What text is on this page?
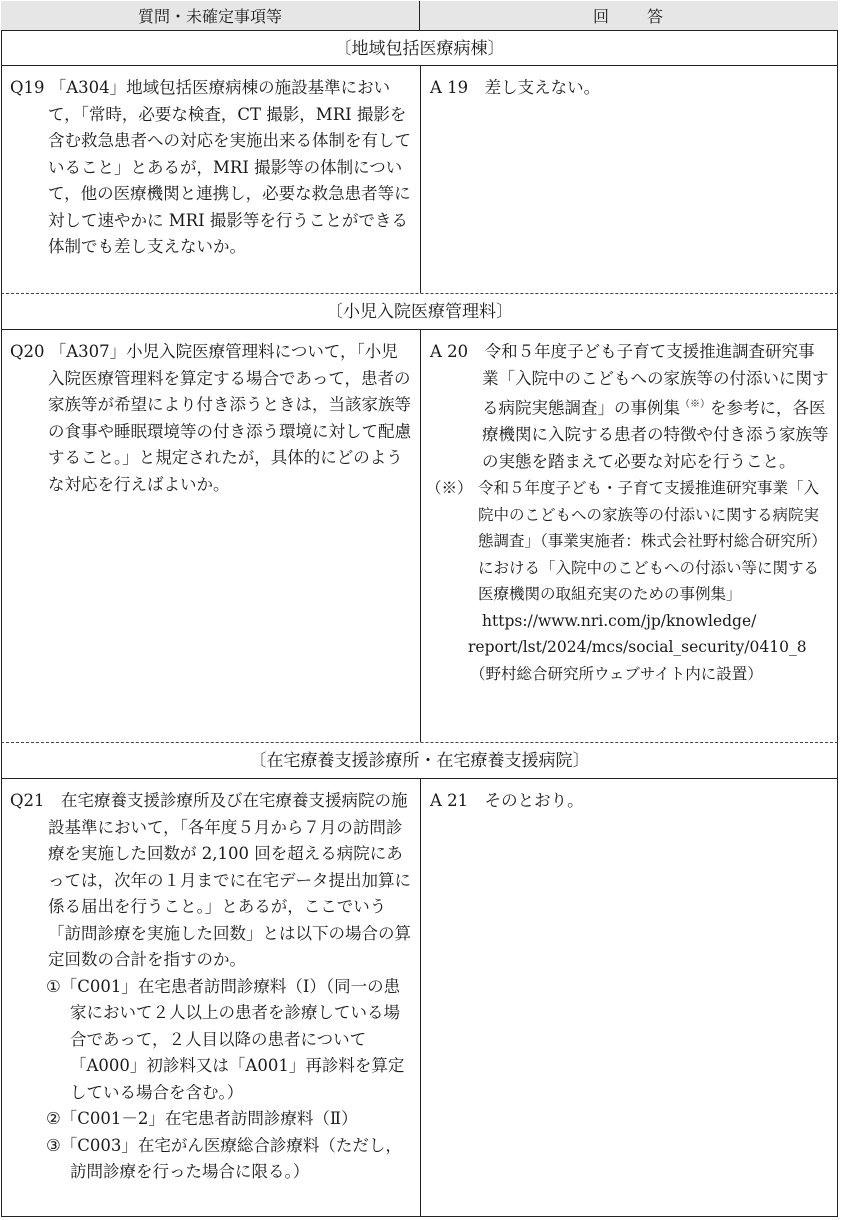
質問・未確定事項等	回　　答
〔地域包括医療病棟〕
Q19 「A304」地域包括医療病棟の施設基準において，「常時，必要な検査，CT 撮影，MRI 撮影を含む救急患者への対応を実施出来る体制を有していること」とあるが，MRI 撮影等の体制について，他の医療機関と連携し，必要な救急患者等に対して速やかに MRI 撮影等を行うことができる体制でも差し支えないか。
A 19　差し支えない。
〔小児入院医療管理料〕
Q20 「A307」小児入院医療管理料について，「小児入院医療管理料を算定する場合であって，患者の家族等が希望により付き添うときは，当該家族等の食事や睡眠環境等の付き添う環境に対して配慮すること。」と規定されたが，具体的にどのような対応を行えばよいか。
A 20　令和５年度子ども子育て支援推進調査研究事業「入院中のこどもへの家族等の付添いに関する病院実態調査」の事例集（※）を参考に，各医療機関に入院する患者の特徴や付き添う家族等の実態を踏まえて必要な対応を行うこと。
（※） 令和５年度子ども・子育て支援推進研究事業「入院中のこどもへの家族等の付添いに関する病院実態調査」（事業実施者：株式会社野村総合研究所）における「入院中のこどもへの付添い等に関する医療機関の取組充実のための事例集」
https://www.nri.com/jp/knowledge/
report/lst/2024/mcs/social_security/0410_8
（野村総合研究所ウェブサイト内に設置）
〔在宅療養支援診療所・在宅療養支援病院〕
Q21　在宅療養支援診療所及び在宅療養支援病院の施設基準において，「各年度５月から７月の訪問診療を実施した回数が 2,100 回を超える病院にあっては，次年の１月までに在宅データ提出加算に係る届出を行うこと。」とあるが，ここでいう「訪問診療を実施した回数」とは以下の場合の算定回数の合計を指すのか。
①「C001」在宅患者訪問診療料（Ⅰ）（同一の患家において２人以上の患者を診療している場合であって，２人目以降の患者について「A000」初診料又は「A001」再診料を算定している場合を含む。）
②「C001－2」在宅患者訪問診療料（Ⅱ）
③「C003」在宅がん医療総合診療料（ただし，訪問診療を行った場合に限る。）
A 21　そのとおり。
